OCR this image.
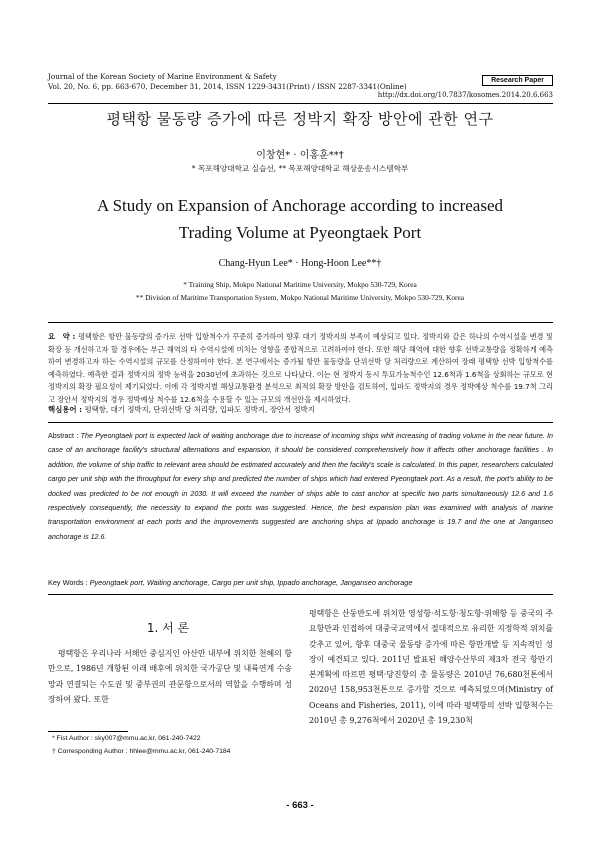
Journal of the Korean Society of Marine Environment & Safety
Vol. 20, No. 6, pp. 663-670, December 31, 2014, ISSN 1229-3431(Print) / ISSN 2287-3341(Online)
Research Paper
http://dx.doi.org/10.7837/kosomes.2014.20.6.663
평택항 물동량 증가에 따른 정박지 확장 방안에 관한 연구
이창현* · 이홍훈**†
* 목포해양대학교 실습선, ** 목포해양대학교 해상운송시스템학부
A Study on Expansion of Anchorage according to increased
Trading Volume at Pyeongtaek Port
Chang-Hyun Lee* · Hong-Hoon Lee**†
* Training Ship, Mokpo National Maritime University, Mokpo 530-729, Korea
** Division of Maritime Transportation System, Mokpo National Maritime University, Mokpo 530-729, Korea
요　약 : 평택항은 항만 물동량의 증가로 선박 입항척수가 꾸준히 증가하여 향후 대기 정박지의 부족이 예상되고 있다. 정박지와 같은 하나의 수역시설을 변경 및 확장 등 개선하고자 할 경우에는 부근 해역의 타 수역시설에 미치는 영향을 종합적으로 고려하여야 한다. 또한 해당 해역에 대한 향후 선박교통량을 정확하게 예측하여 변경하고자 하는 수역시설의 규모를 산정하여야 한다. 본 연구에서는 증가될 항만 물동량을 단위선박 당 처리량으로 계산하여 장래 평택항 선박 입항척수를 예측하였다. 예측한 결과 정박지의 정박 능력을 2030년에 초과하는 것으로 나타났다. 이는 현 정박지 동시 투묘가능척수인 12.6척과 1.6척을 상회하는 규모로 현 정박지의 확장 필요성이 제기되었다. 이에 각 정박지별 해상교통환경 분석으로 최적의 확장 방안을 검토하여, 입파도 정박지의 경우 정박예상 척수를 19.7척 그리고 장안서 정박지의 경우 정박예상 척수를 12.6척을 수용할 수 있는 규모의 개선안을 제시하였다.
핵심용어 : 평택항, 대기 정박지, 단위선박 당 처리량, 입파도 정박지, 장안서 정박지
Abstract : The Pyeongtaek port is expected lack of waiting anchorage due to increase of incoming ships whit increasing of trading volume in the near future. In case of an anchorage facility's structural alternations and expansion, it should be considered comprehensively how it affects other anchorage facilities . In addition, the volume of ship traffic to relevant area should be estimated accurately and then the facility's scale is calculated. In this paper, researchers calculated cargo per unit ship with the throughput for every ship and predicted the number of ships which had entered Pyeongtaek port. As a result, the port's ability to be docked was predicted to be not enough in 2030. It will exceed the number of ships able to cast anchor at specific two parts simultaneously 12.6 and 1.6 respectively consequently, the necessity to expand the ports was suggested. Hence, the best expansion plan was examined with analysis of marine transportation environment at each ports and the improvements suggested are anchoring ships at Ippado anchorage is 19.7 and the one at Janganseo anchorage is 12.6.
Key Words : Pyeongtaek port, Waiting anchorage, Cargo per unit ship, Ippado anchorage, Janganseo anchorage
1. 서 론
평택항은 우리나라 서해안 중심지인 아산만 내부에 위치한 천혜의 항만으로, 1986년 개항된 이래 배후에 위치한 국가공단 및 내륙연계 수송망과 연결되는 수도권 및 중부권의 관문항으로서의 역할을 수행하며 성장하여 왔다. 또한
평택항은 산둥반도에 위치한 영성항·석도항·청도항·위해항 등 중국의 주요항만과 인접하여 대중국교역에서 절대적으로 유리한 지정학적 위치를 갖추고 있어, 향후 대중국 물동량 증가에 따른 항만개발 등 지속적인 성장이 예견되고 있다. 2011년 발표된 해양수산부의 제3차 전국 항만기본계획에 따르면 평택·당진항의 총 물동량은 2010년 76,680천톤에서 2020년 158,953천톤으로 증가할 것으로 예측되었으며(Ministry of Oceans and Fisheries, 2011), 이에 따라 평택항의 선박 입항척수는 2010년 총 9,276척에서 2020년 총 19,230척
* Fist Author : sky007@mmu.ac.kr, 061-240-7422
† Corresponding Author : hhlee@mmu.ac.kr, 061-240-7184
- 663 -
